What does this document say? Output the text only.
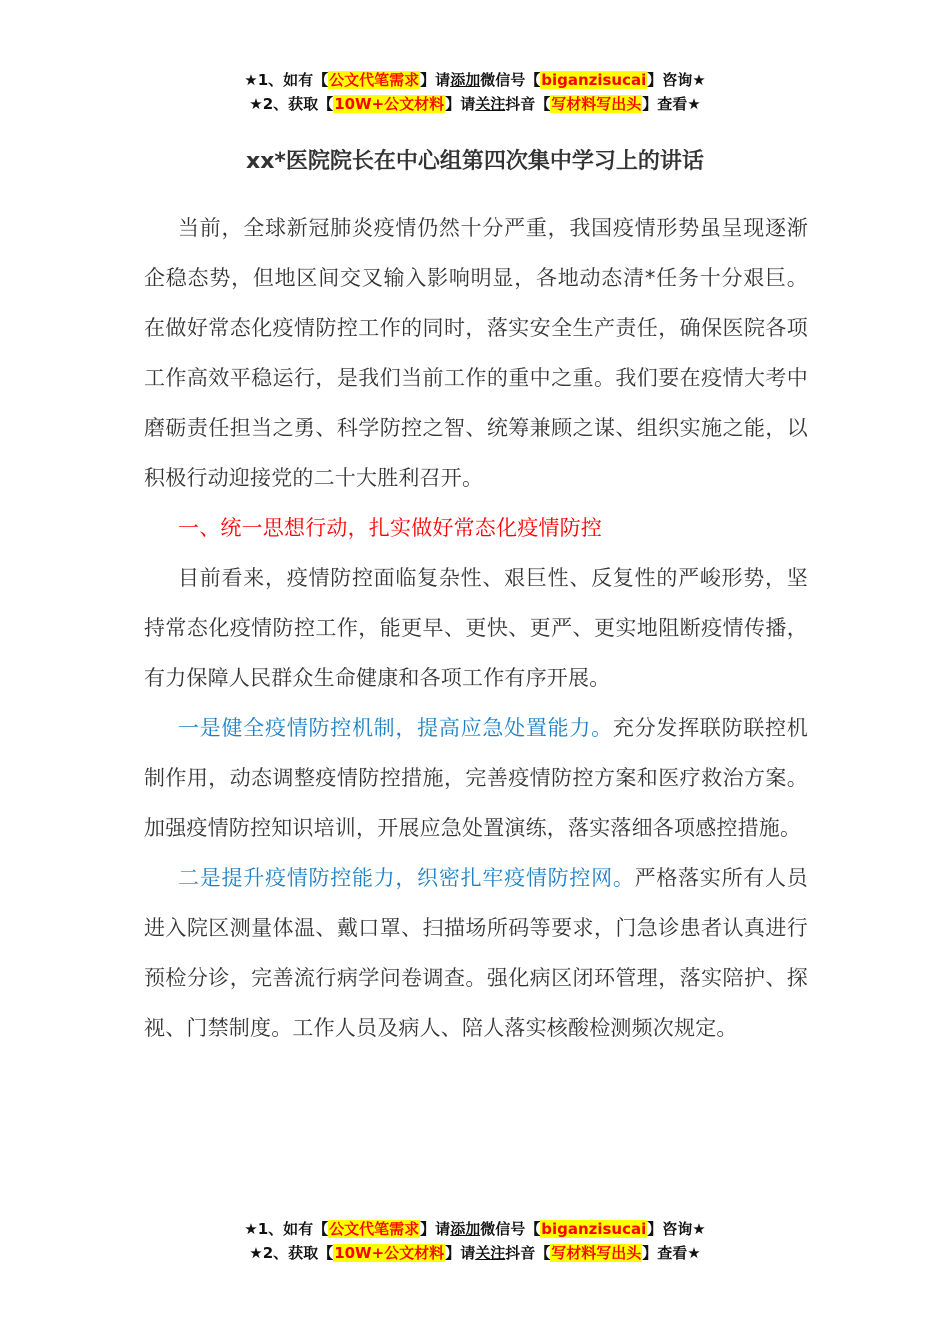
★1、如有【公文代笔需求】请添加微信号【biganzisucai】咨询★
★2、获取【10W+公文材料】请关注抖音【写材料写出头】查看★
xx*医院院长在中心组第四次集中学习上的讲话

当前，全球新冠肺炎疫情仍然十分严重，我国疫情形势虽呈现逐渐企稳态势，但地区间交叉输入影响明显，各地动态清*任务十分艰巨。在做好常态化疫情防控工作的同时，落实安全生产责任，确保医院各项工作高效平稳运行，是我们当前工作的重中之重。我们要在疫情大考中磨砺责任担当之勇、科学防控之智、统筹兼顾之谋、组织实施之能，以积极行动迎接党的二十大胜利召开。

一、统一思想行动，扎实做好常态化疫情防控

目前看来，疫情防控面临复杂性、艰巨性、反复性的严峻形势，坚持常态化疫情防控工作，能更早、更快、更严、更实地阻断疫情传播，有力保障人民群众生命健康和各项工作有序开展。

一是健全疫情防控机制，提高应急处置能力。充分发挥联防联控机制作用，动态调整疫情防控措施，完善疫情防控方案和医疗救治方案。加强疫情防控知识培训，开展应急处置演练，落实落细各项感控措施。

二是提升疫情防控能力，织密扎牢疫情防控网。严格落实所有人员进入院区测量体温、戴口罩、扫描场所码等要求，门急诊患者认真进行预检分诊，完善流行病学问卷调查。强化病区闭环管理，落实陪护、探视、门禁制度。工作人员及病人、陪人落实核酸检测频次规定。

★1、如有【公文代笔需求】请添加微信号【biganzisucai】咨询★
★2、获取【10W+公文材料】请关注抖音【写材料写出头】查看★
